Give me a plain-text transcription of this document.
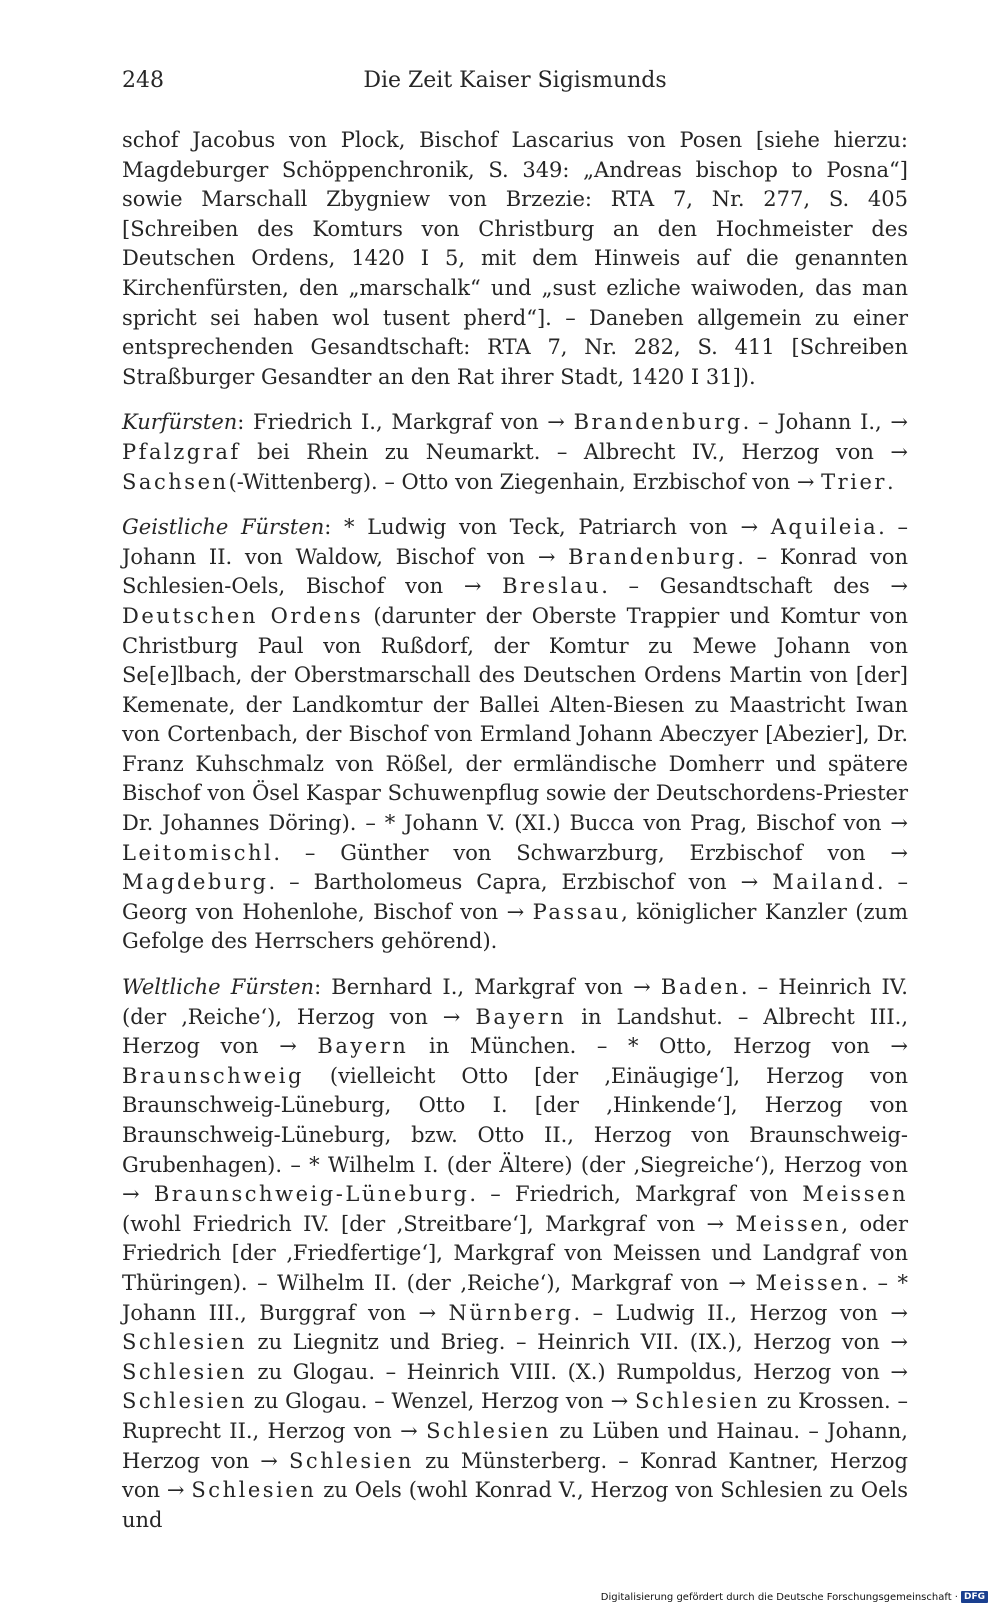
248	Die Zeit Kaiser Sigismunds

schof Jacobus von Plock, Bischof Lascarius von Posen [siehe hierzu: Magdeburger Schöppenchronik, S. 349: „Andreas bischop to Posna“] sowie Marschall Zbygniew von Brzezie: RTA 7, Nr. 277, S. 405 [Schreiben des Komturs von Christburg an den Hochmeister des Deutschen Ordens, 1420 I 5, mit dem Hinweis auf die genannten Kirchenfürsten, den „marschalk“ und „sust ezliche waiwoden, das man spricht sei haben wol tusent pherd“]. – Daneben allgemein zu einer entsprechenden Gesandtschaft: RTA 7, Nr. 282, S. 411 [Schreiben Straßburger Gesandter an den Rat ihrer Stadt, 1420 I 31]).

Kurfürsten: Friedrich I., Markgraf von → Brandenburg. – Johann I., → Pfalzgraf bei Rhein zu Neumarkt. – Albrecht IV., Herzog von → Sachsen(-Wittenberg). – Otto von Ziegenhain, Erzbischof von → Trier.

Geistliche Fürsten: * Ludwig von Teck, Patriarch von → Aquileia. – Johann II. von Waldow, Bischof von → Brandenburg. – Konrad von Schlesien-Oels, Bischof von → Breslau. – Gesandtschaft des → Deutschen Ordens (darunter der Oberste Trappier und Komtur von Christburg Paul von Rußdorf, der Komtur zu Mewe Johann von Se[e]lbach, der Oberstmarschall des Deutschen Ordens Martin von [der] Kemenate, der Landkomtur der Ballei Alten-Biesen zu Maastricht Iwan von Cortenbach, der Bischof von Ermland Johann Abeczyer [Abezier], Dr. Franz Kuhschmalz von Rößel, der ermländische Domherr und spätere Bischof von Ösel Kaspar Schuwenpflug sowie der Deutschordens-Priester Dr. Johannes Döring). – * Johann V. (XI.) Bucca von Prag, Bischof von → Leitomischl. – Günther von Schwarzburg, Erzbischof von → Magdeburg. – Bartholomeus Capra, Erzbischof von → Mailand. – Georg von Hohenlohe, Bischof von → Passau, königlicher Kanzler (zum Gefolge des Herrschers gehörend).

Weltliche Fürsten: Bernhard I., Markgraf von → Baden. – Heinrich IV. (der ‚Reiche‘), Herzog von → Bayern in Landshut. – Albrecht III., Herzog von → Bayern in München. – * Otto, Herzog von → Braunschweig (vielleicht Otto [der ‚Einäugige‘], Herzog von Braunschweig-Lüneburg, Otto I. [der ‚Hinkende‘], Herzog von Braunschweig-Lüneburg, bzw. Otto II., Herzog von Braunschweig-Grubenhagen). – * Wilhelm I. (der Ältere) (der ‚Siegreiche‘), Herzog von → Braunschweig-Lüneburg. – Friedrich, Markgraf von Meissen (wohl Friedrich IV. [der ‚Streitbare‘], Markgraf von → Meissen, oder Friedrich [der ‚Friedfertige‘], Markgraf von Meissen und Landgraf von Thüringen). – Wilhelm II. (der ‚Reiche‘), Markgraf von → Meissen. – * Johann III., Burggraf von → Nürnberg. – Ludwig II., Herzog von → Schlesien zu Liegnitz und Brieg. – Heinrich VII. (IX.), Herzog von → Schlesien zu Glogau. – Heinrich VIII. (X.) Rumpoldus, Herzog von → Schlesien zu Glogau. – Wenzel, Herzog von → Schlesien zu Krossen. – Ruprecht II., Herzog von → Schlesien zu Lüben und Hainau. – Johann, Herzog von → Schlesien zu Münsterberg. – Konrad Kantner, Herzog von → Schlesien zu Oels (wohl Konrad V., Herzog von Schlesien zu Oels und

Digitalisierung gefördert durch die Deutsche Forschungsgemeinschaft · DFG
